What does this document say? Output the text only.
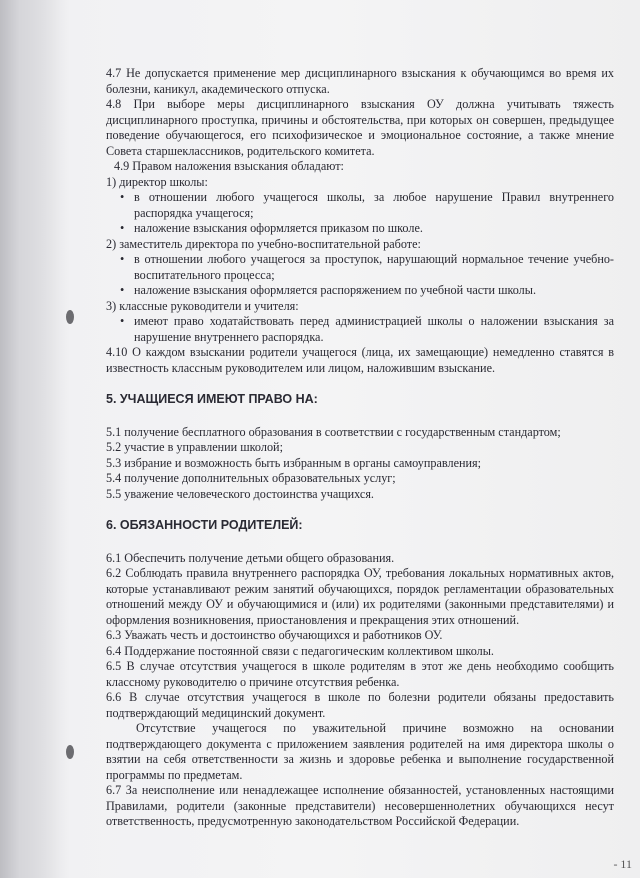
4.7 Не допускается применение мер дисциплинарного взыскания к обучающимся во время их болезни, каникул, академического отпуска.

4.8 При выборе меры дисциплинарного взыскания ОУ должна учитывать тяжесть дисциплинарного проступка, причины и обстоятельства, при которых он совершен, предыдущее поведение обучающегося, его психофизическое и эмоциональное состояние, а также мнение Совета старшеклассников, родительского комитета.

4.9 Правом наложения взыскания обладают:

1) директор школы:

• в отношении любого учащегося школы, за любое нарушение Правил внутреннего распорядка учащегося;

• наложение взыскания оформляется приказом по школе.

2) заместитель директора по учебно-воспитательной работе:

• в отношении любого учащегося за проступок, нарушающий нормальное течение учебно-воспитательного процесса;

• наложение взыскания оформляется распоряжением по учебной части школы.

3) классные руководители и учителя:

• имеют право ходатайствовать перед администрацией школы о наложении взыскания за нарушение внутреннего распорядка.

4.10 О каждом взыскании родители учащегося (лица, их замещающие) немедленно ставятся в известность классным руководителем или лицом, наложившим взыскание.

5. УЧАЩИЕСЯ ИМЕЮТ ПРАВО НА:

5.1 получение бесплатного образования в соответствии с государственным стандартом;

5.2 участие в управлении школой;

5.3 избрание и возможность быть избранным в органы самоуправления;

5.4 получение дополнительных образовательных услуг;

5.5 уважение человеческого достоинства учащихся.

6. ОБЯЗАННОСТИ РОДИТЕЛЕЙ:

6.1 Обеспечить получение детьми общего образования.

6.2 Соблюдать правила внутреннего распорядка ОУ, требования локальных нормативных актов, которые устанавливают режим занятий обучающихся, порядок регламентации образовательных отношений между ОУ и обучающимися и (или) их родителями (законными представителями) и оформления возникновения, приостановления и прекращения этих отношений.

6.3 Уважать честь и достоинство обучающихся и работников ОУ.

6.4 Поддержание постоянной связи с педагогическим коллективом школы.

6.5 В случае отсутствия учащегося в школе родителям в этот же день необходимо сообщить классному руководителю о причине отсутствия ребенка.

6.6 В случае отсутствия учащегося в школе по болезни родители обязаны предоставить подтверждающий медицинский документ.

Отсутствие учащегося по уважительной причине возможно на основании подтверждающего документа с приложением заявления родителей на имя директора школы о взятии на себя ответственности за жизнь и здоровье ребенка и выполнение государственной программы по предметам.

6.7 За неисполнение или ненадлежащее исполнение обязанностей, установленных настоящими Правилами, родители (законные представители) несовершеннолетних обучающихся несут ответственность, предусмотренную законодательством Российской Федерации.

- 11
